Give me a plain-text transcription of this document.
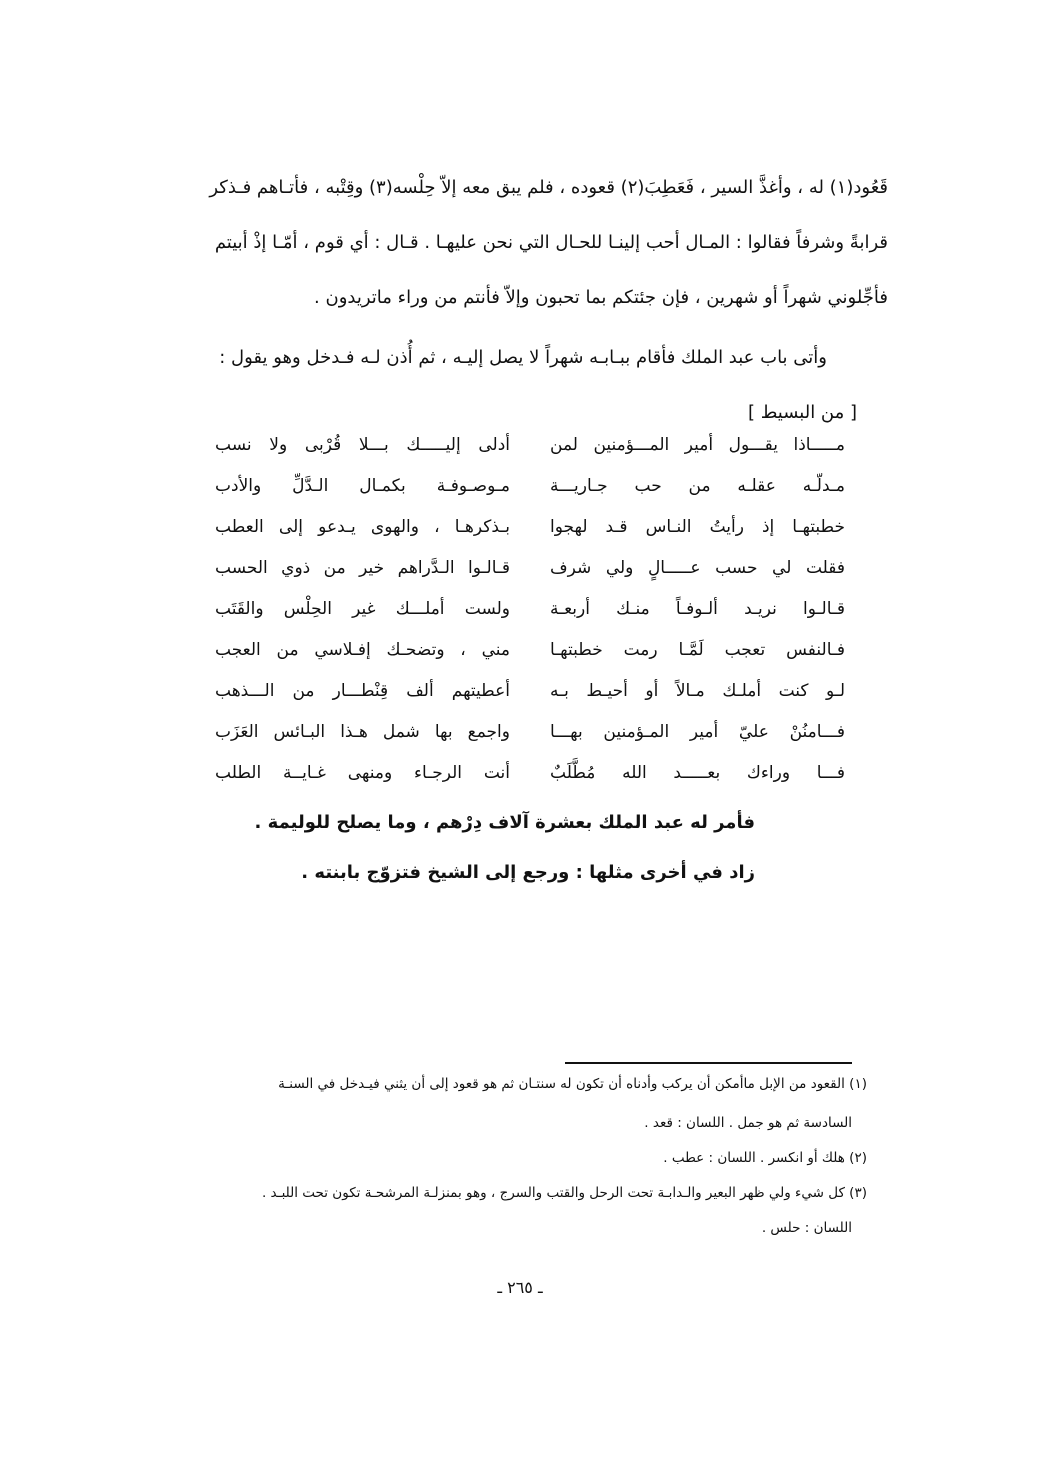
قَعُود(١) له ، وأغذَّ السير ، فَعَطِبَ(٢) قعوده ، فلم يبق معه إلاّ حِلْسه(٣) وقِتْبه ، فأتـاهم فـذكر
قرابةً وشرفاً فقالوا : المـال أحب إلينـا للحـال التي نحن عليهـا . قـال : أي قوم ، أمّـا إذْ أبيتم
فأجِّلوني شهراً أو شهرين ، فإن جئتكم بما تحبون وإلاّ فأنتم من وراء ماتريدون .
وأتى باب عبد الملك فأقام ببـابـه شهراً لا يصل إليـه ، ثم أُذن لـه فـدخل وهو يقول :
[ من البسيط ]
مـــــاذا يقـــول أمير المـــؤمنين لمن
أدلى إليـــــك بـــلا قُرْبى ولا نسب
مـدلّـه عقلـه من حب جـاريـــة
مـوصـوفـة بكمـال الـدَّلِّ والأدب
خطبتهـا إذ رأيتُ النـاس قـد لهجوا
بـذكرهـا ، والهوى يـدعو إلى العطب
فقلت لي حسب عـــــالٍ ولي شرف
قـالـوا الـدَّراهم خير من ذوي الحسب
قـالـوا نريـد ألـوفـاً منـك أربعـة
ولست أملـــك غير الحِلْس والقَتَب
فـالنفس تعجب لَمَّـا رمت خطبتهـا
مني ، وتضحـك إفـلاسي من العجب
لـو كنت أملـك مـالاً أو أحيـط بـه
أعطيتهم ألف قِنْطـــار من الـــذهب
فـــامنُنْ عليّ أمير المـؤمنين بهـــا
واجمع بها شمل هـذا البـائس العَزَب
فـــا وراءك بعـــــد الله مُطَّلَبٌ
أنت الرجـاء ومنهى غـايــة الطلب
فأمر له عبد الملك بعشرة آلاف دِرْهم ، وما يصلح للوليمة .
زاد في أخرى مثلها : ورجع إلى الشيخ فتزوّج بابنته .
(١) القعود من الإبل ماأمكن أن يركب وأدناه أن تكون له سنتـان ثم هو قعود إلى أن يثني فيـدخل في السنـة
السادسة ثم هو جمل . اللسان : قعد .
(٢) هلك أو انكسر . اللسان : عطب .
(٣) كل شيء ولي ظهر البعير والـدابـة تحت الرحل والقتب والسرج ، وهو بمنزلـة المرشحـة تكون تحت اللبـد .
اللسان : حلس .
ـ ٢٦٥ ـ
